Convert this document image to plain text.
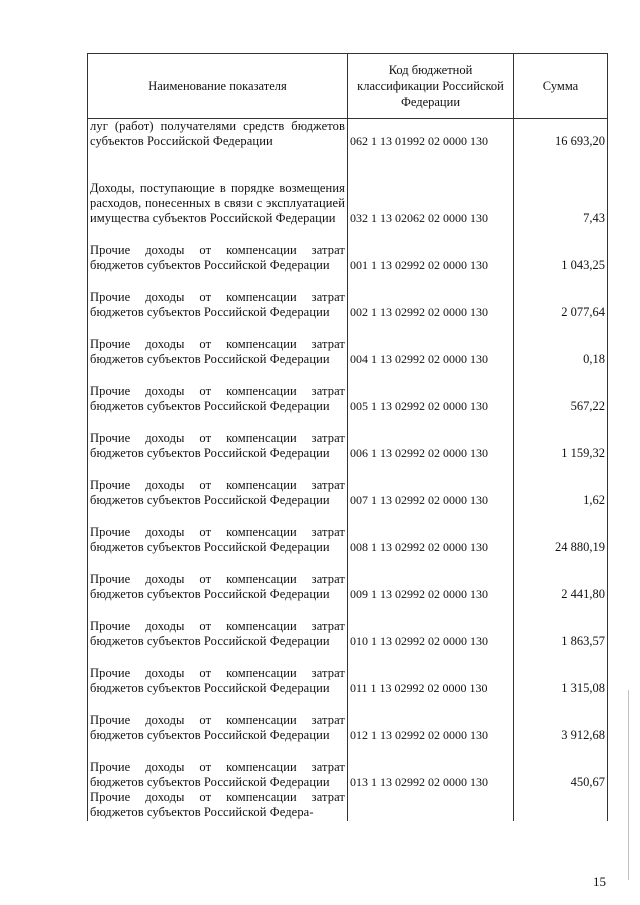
Наименование показателя	Код бюджетной классификации Российской Федерации	Сумма
луг (работ) получателями средств бюджетов субъектов Российской Федерации	062 1 13 01992 02 0000 130	16 693,20
Доходы, поступающие в порядке возмещения расходов, понесенных в связи с эксплуатацией имущества субъектов Российской Федерации	032 1 13 02062 02 0000 130	7,43
Прочие доходы от компенсации затрат бюджетов субъектов Российской Федерации	001 1 13 02992 02 0000 130	1 043,25
Прочие доходы от компенсации затрат бюджетов субъектов Российской Федерации	002 1 13 02992 02 0000 130	2 077,64
Прочие доходы от компенсации затрат бюджетов субъектов Российской Федерации	004 1 13 02992 02 0000 130	0,18
Прочие доходы от компенсации затрат бюджетов субъектов Российской Федерации	005 1 13 02992 02 0000 130	567,22
Прочие доходы от компенсации затрат бюджетов субъектов Российской Федерации	006 1 13 02992 02 0000 130	1 159,32
Прочие доходы от компенсации затрат бюджетов субъектов Российской Федерации	007 1 13 02992 02 0000 130	1,62
Прочие доходы от компенсации затрат бюджетов субъектов Российской Федерации	008 1 13 02992 02 0000 130	24 880,19
Прочие доходы от компенсации затрат бюджетов субъектов Российской Федерации	009 1 13 02992 02 0000 130	2 441,80
Прочие доходы от компенсации затрат бюджетов субъектов Российской Федерации	010 1 13 02992 02 0000 130	1 863,57
Прочие доходы от компенсации затрат бюджетов субъектов Российской Федерации	011 1 13 02992 02 0000 130	1 315,08
Прочие доходы от компенсации затрат бюджетов субъектов Российской Федерации	012 1 13 02992 02 0000 130	3 912,68
Прочие доходы от компенсации затрат бюджетов субъектов Российской Федерации	013 1 13 02992 02 0000 130	450,67
Прочие доходы от компенсации затрат бюджетов субъектов Российской Федера-		
15
